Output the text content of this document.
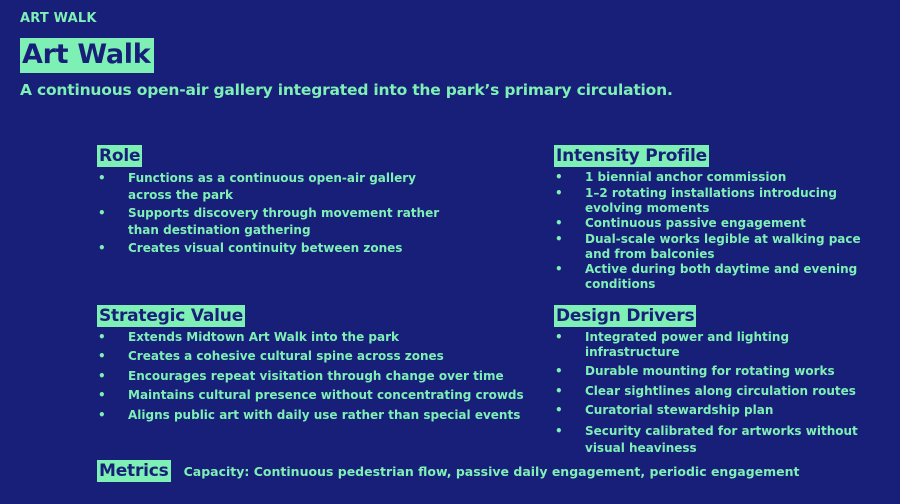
ART WALK
Art Walk
A continuous open-air gallery integrated into the park’s primary circulation.
Role
• Functions as a continuous open-air gallery
across the park
• Supports discovery through movement rather
than destination gathering
• Creates visual continuity between zones
Intensity Profile
• 1 biennial anchor commission
• 1–2 rotating installations introducing
evolving moments
• Continuous passive engagement
• Dual-scale works legible at walking pace
and from balconies
• Active during both daytime and evening
conditions
Strategic Value
• Extends Midtown Art Walk into the park
• Creates a cohesive cultural spine across zones
• Encourages repeat visitation through change over time
• Maintains cultural presence without concentrating crowds
• Aligns public art with daily use rather than special events
Design Drivers
• Integrated power and lighting infrastructure
• Durable mounting for rotating works
• Clear sightlines along circulation routes
• Curatorial stewardship plan
• Security calibrated for artworks without
visual heaviness
Metrics Capacity: Continuous pedestrian flow, passive daily engagement, periodic engagement
